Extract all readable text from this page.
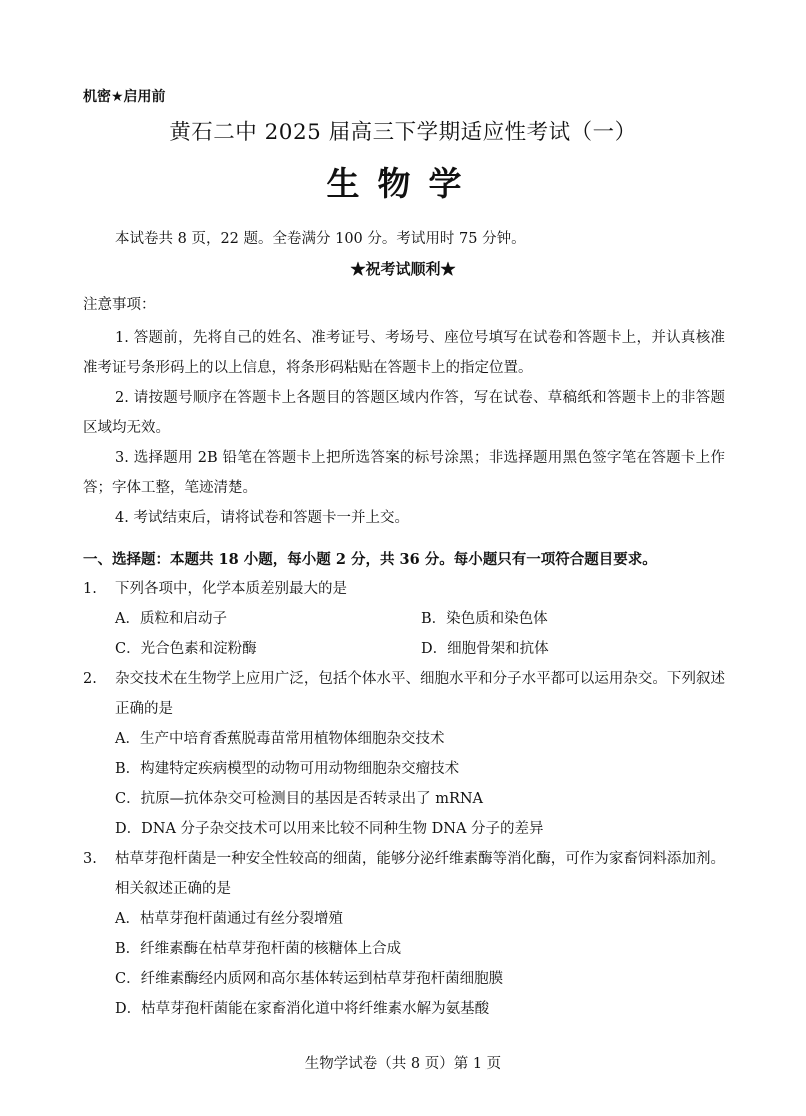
机密★启用前
黄石二中 2025 届高三下学期适应性考试（一）
生物学
本试卷共 8 页，22 题。全卷满分 100 分。考试用时 75 分钟。
★祝考试顺利★
注意事项：

1. 答题前，先将自己的姓名、准考证号、考场号、座位号填写在试卷和答题卡上，并认真核准准考证号条形码上的以上信息，将条形码粘贴在答题卡上的指定位置。

2. 请按题号顺序在答题卡上各题目的答题区域内作答，写在试卷、草稿纸和答题卡上的非答题区域均无效。

3. 选择题用 2B 铅笔在答题卡上把所选答案的标号涂黑；非选择题用黑色签字笔在答题卡上作答；字体工整，笔迹清楚。

4. 考试结束后，请将试卷和答题卡一并上交。

一、选择题：本题共 18 小题，每小题 2 分，共 36 分。每小题只有一项符合题目要求。
1. 下列各项中，化学本质差别最大的是
A．质粒和启动子	B．染色质和染色体
C．光合色素和淀粉酶	D．细胞骨架和抗体
2. 杂交技术在生物学上应用广泛，包括个体水平、细胞水平和分子水平都可以运用杂交。下列叙述正确的是
A．生产中培育香蕉脱毒苗常用植物体细胞杂交技术
B．构建特定疾病模型的动物可用动物细胞杂交瘤技术
C．抗原—抗体杂交可检测目的基因是否转录出了 mRNA
D．DNA 分子杂交技术可以用来比较不同种生物 DNA 分子的差异
3. 枯草芽孢杆菌是一种安全性较高的细菌，能够分泌纤维素酶等消化酶，可作为家畜饲料添加剂。相关叙述正确的是
A．枯草芽孢杆菌通过有丝分裂增殖
B．纤维素酶在枯草芽孢杆菌的核糖体上合成
C．纤维素酶经内质网和高尔基体转运到枯草芽孢杆菌细胞膜
D．枯草芽孢杆菌能在家畜消化道中将纤维素水解为氨基酸
生物学试卷（共 8 页）第 1 页
